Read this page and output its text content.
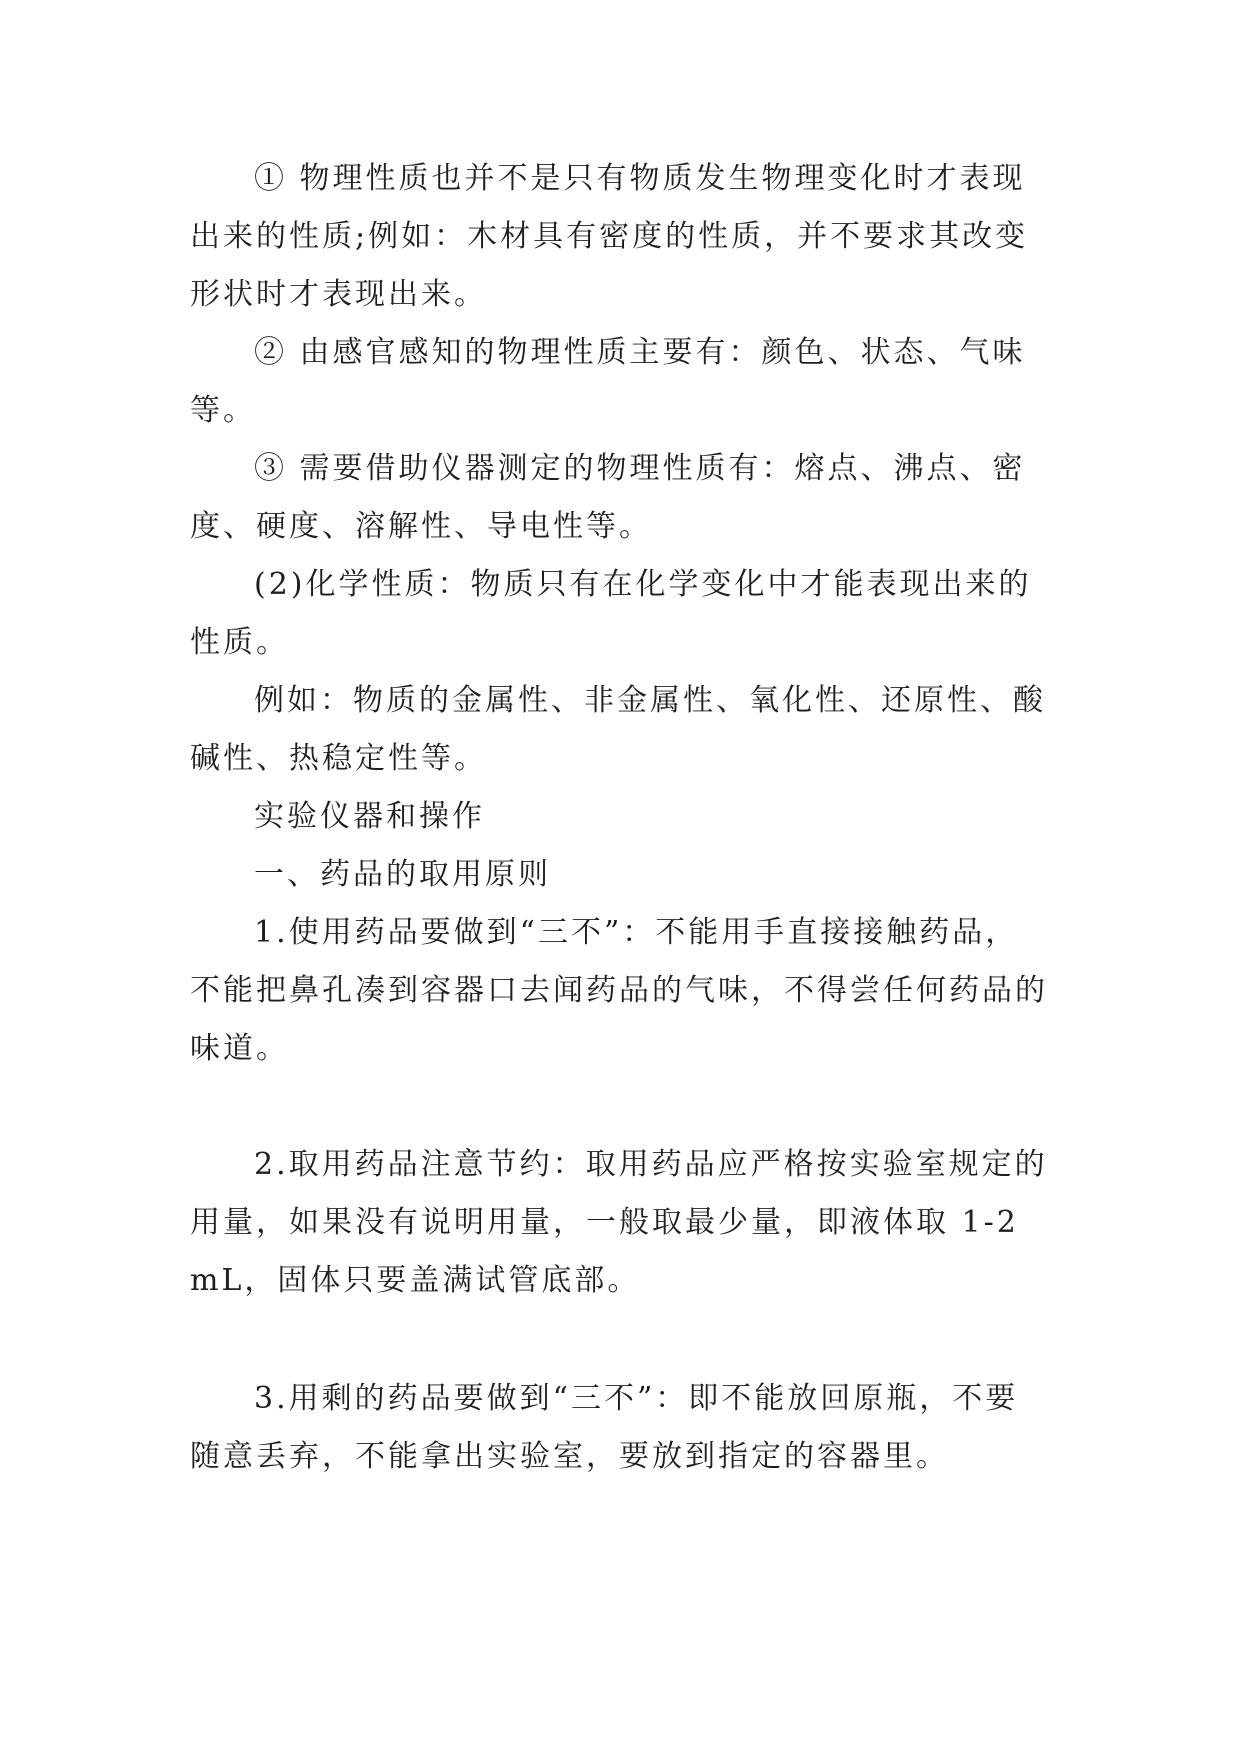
① 物理性质也并不是只有物质发生物理变化时才表现出来的性质;例如：木材具有密度的性质，并不要求其改变形状时才表现出来。

② 由感官感知的物理性质主要有：颜色、状态、气味等。

③ 需要借助仪器测定的物理性质有：熔点、沸点、密度、硬度、溶解性、导电性等。

(2)化学性质：物质只有在化学变化中才能表现出来的性质。

例如：物质的金属性、非金属性、氧化性、还原性、酸碱性、热稳定性等。

实验仪器和操作

一、药品的取用原则

1.使用药品要做到“三不”：不能用手直接接触药品，不能把鼻孔凑到容器口去闻药品的气味，不得尝任何药品的味道。

2.取用药品注意节约：取用药品应严格按实验室规定的用量，如果没有说明用量，一般取最少量，即液体取 1-2mL，固体只要盖满试管底部。

3.用剩的药品要做到“三不”：即不能放回原瓶，不要随意丢弃，不能拿出实验室，要放到指定的容器里。
